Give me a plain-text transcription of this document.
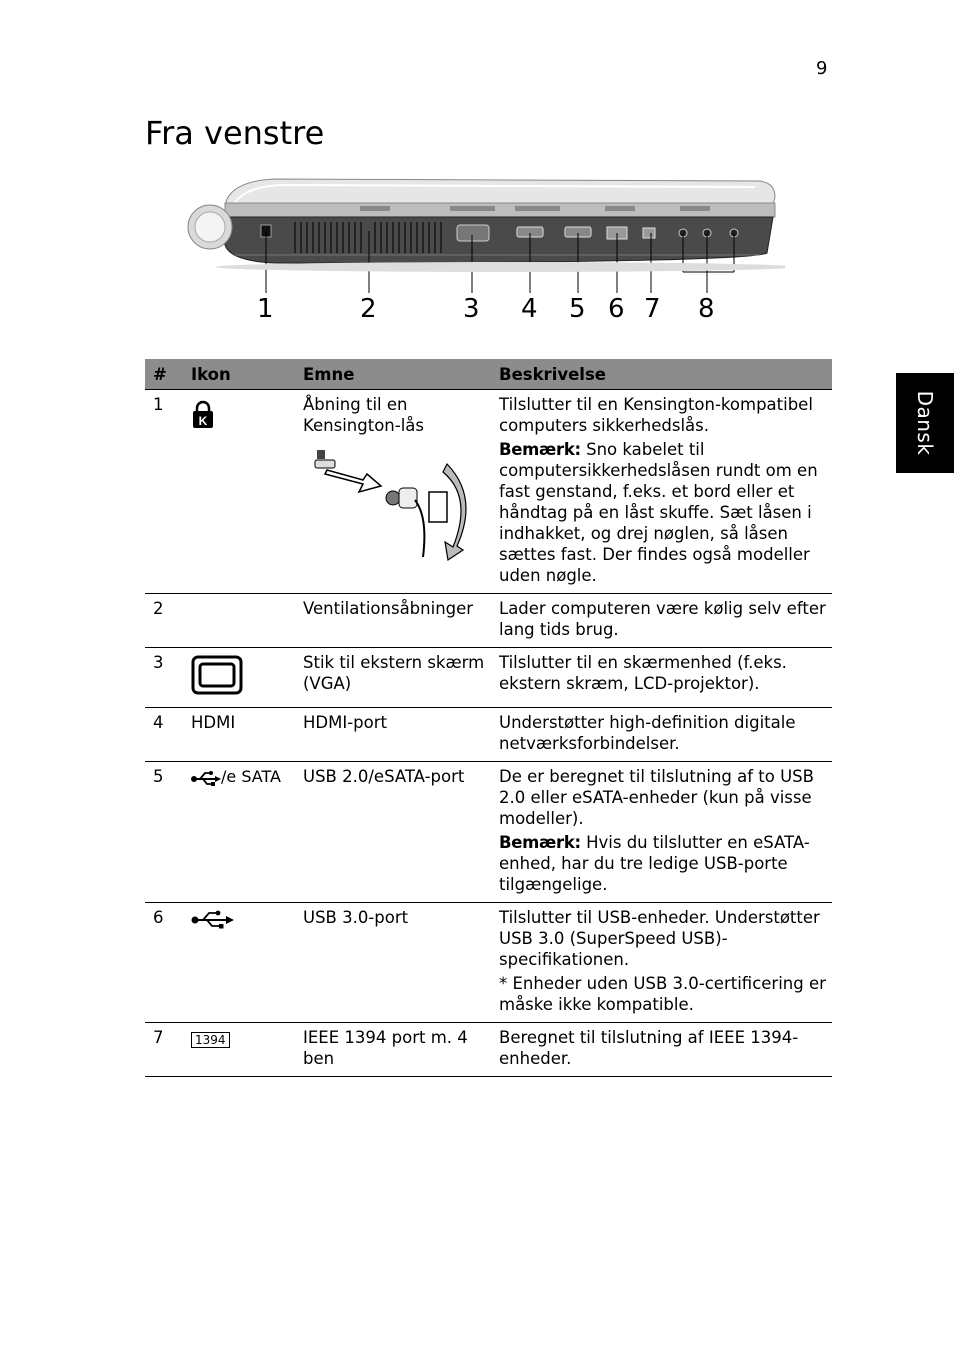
9
Fra venstre
Dansk
1	2	3 4 5 6 7 8
#	Ikon	Emne	Beskrivelse
1	K	Åbning til en Kensington-lås	Tilslutter til en Kensington-kompatibel computers sikkerhedslås.
Bemærk: Sno kabelet til computersikkerhedslåsen rundt om en fast genstand, f.eks. et bord eller et håndtag på en låst skuffe. Sæt låsen i indhakket, og drej nøglen, så låsen sættes fast. Der findes også modeller uden nøgle.

2		Ventilationsåbninger	Lader computeren være kølig selv efter lang tids brug.
3		Stik til ekstern skærm (VGA)	Tilslutter til en skærmenhed (f.eks. ekstern skræm, LCD-projektor).
4	HDMI	HDMI-port	Understøtter high-definition digitale netværksforbindelser.
5	/e SATA	USB 2.0/eSATA-port	De er beregnet til tilslutning af to USB 2.0 eller eSATA-enheder (kun på visse modeller).
Bemærk: Hvis du tilslutter en eSATA-enhed, har du tre ledige USB-porte tilgængelige.

6		USB 3.0-port	Tilslutter til USB-enheder. Understøtter USB 3.0 (SuperSpeed USB)-specifikationen.
* Enheder uden USB 3.0-certificering er måske ikke kompatible.

7	1394	IEEE 1394 port m. 4 ben	Beregnet til tilslutning af IEEE 1394-enheder.
